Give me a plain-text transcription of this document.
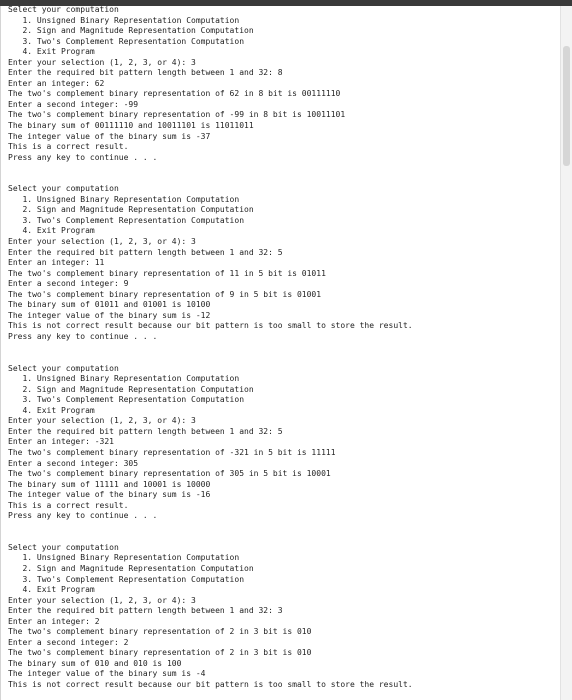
Select your computation
1. Unsigned Binary Representation Computation
2. Sign and Magnitude Representation Computation
3. Two's Complement Representation Computation
4. Exit Program
Enter your selection (1, 2, 3, or 4): 3
Enter the required bit pattern length between 1 and 32: 8
Enter an integer: 62
The two's complement binary representation of 62 in 8 bit is 00111110
Enter a second integer: -99
The two's complement binary representation of -99 in 8 bit is 10011101
The binary sum of 00111110 and 10011101 is 11011011
The integer value of the binary sum is -37
This is a correct result.
Press any key to continue . . .
Select your computation
1. Unsigned Binary Representation Computation
2. Sign and Magnitude Representation Computation
3. Two's Complement Representation Computation
4. Exit Program
Enter your selection (1, 2, 3, or 4): 3
Enter the required bit pattern length between 1 and 32: 5
Enter an integer: 11
The two's complement binary representation of 11 in 5 bit is 01011
Enter a second integer: 9
The two's complement binary representation of 9 in 5 bit is 01001
The binary sum of 01011 and 01001 is 10100
The integer value of the binary sum is -12
This is not correct result because our bit pattern is too small to store the result.
Press any key to continue . . .
Select your computation
1. Unsigned Binary Representation Computation
2. Sign and Magnitude Representation Computation
3. Two's Complement Representation Computation
4. Exit Program
Enter your selection (1, 2, 3, or 4): 3
Enter the required bit pattern length between 1 and 32: 5
Enter an integer: -321
The two's complement binary representation of -321 in 5 bit is 11111
Enter a second integer: 305
The two's complement binary representation of 305 in 5 bit is 10001
The binary sum of 11111 and 10001 is 10000
The integer value of the binary sum is -16
This is a correct result.
Press any key to continue . . .
Select your computation
1. Unsigned Binary Representation Computation
2. Sign and Magnitude Representation Computation
3. Two's Complement Representation Computation
4. Exit Program
Enter your selection (1, 2, 3, or 4): 3
Enter the required bit pattern length between 1 and 32: 3
Enter an integer: 2
The two's complement binary representation of 2 in 3 bit is 010
Enter a second integer: 2
The two's complement binary representation of 2 in 3 bit is 010
The binary sum of 010 and 010 is 100
The integer value of the binary sum is -4
This is not correct result because our bit pattern is too small to store the result.
